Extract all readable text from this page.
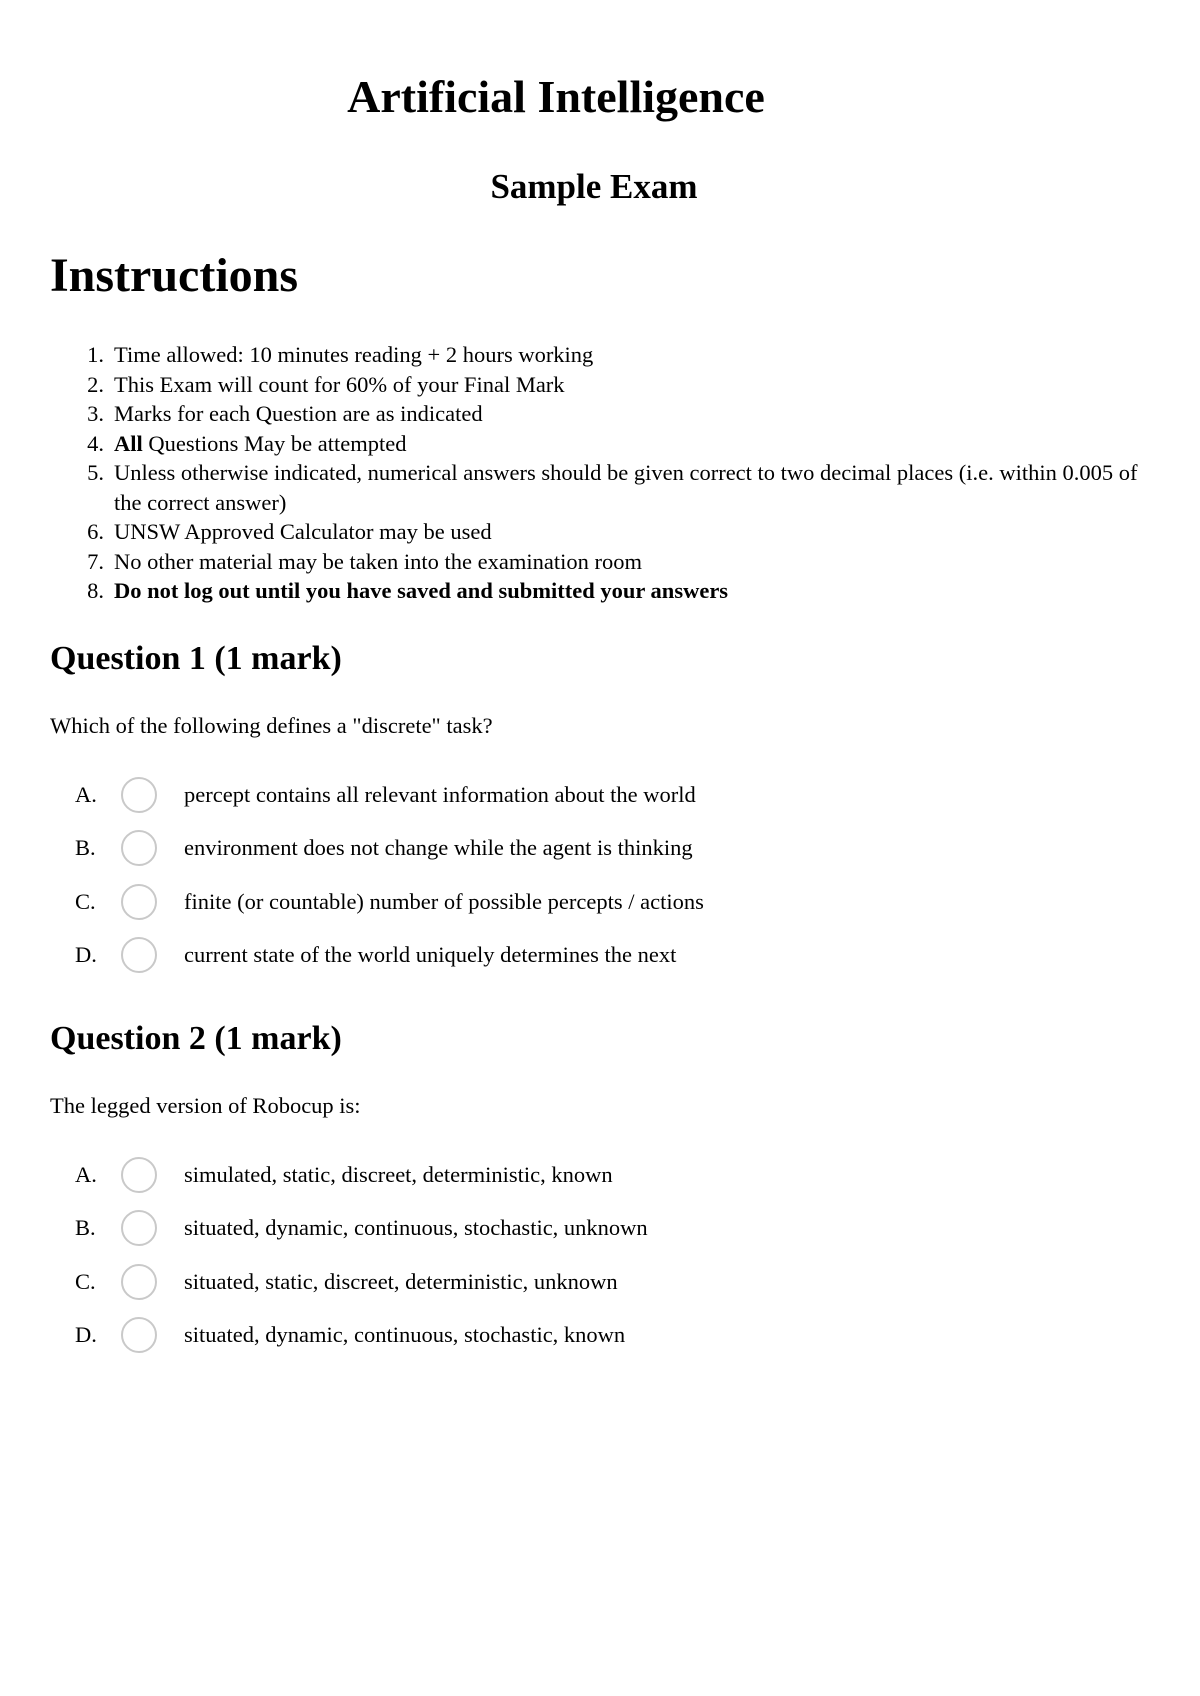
Artificial Intelligence
Sample Exam
Instructions
1. Time allowed: 10 minutes reading + 2 hours working
2. This Exam will count for 60% of your Final Mark
3. Marks for each Question are as indicated
4. All Questions May be attempted
5. Unless otherwise indicated, numerical answers should be given correct to two decimal places (i.e. within 0.005 of the correct answer)
6. UNSW Approved Calculator may be used
7. No other material may be taken into the examination room
8. Do not log out until you have saved and submitted your answers
Question 1 (1 mark)

Which of the following defines a "discrete" task?

A.	percept contains all relevant information about the world
B.	environment does not change while the agent is thinking
C.	finite (or countable) number of possible percepts / actions
D.	current state of the world uniquely determines the next
Question 2 (1 mark)

The legged version of Robocup is:

A.	simulated, static, discreet, deterministic, known
B.	situated, dynamic, continuous, stochastic, unknown
C.	situated, static, discreet, deterministic, unknown
D.	situated, dynamic, continuous, stochastic, known
